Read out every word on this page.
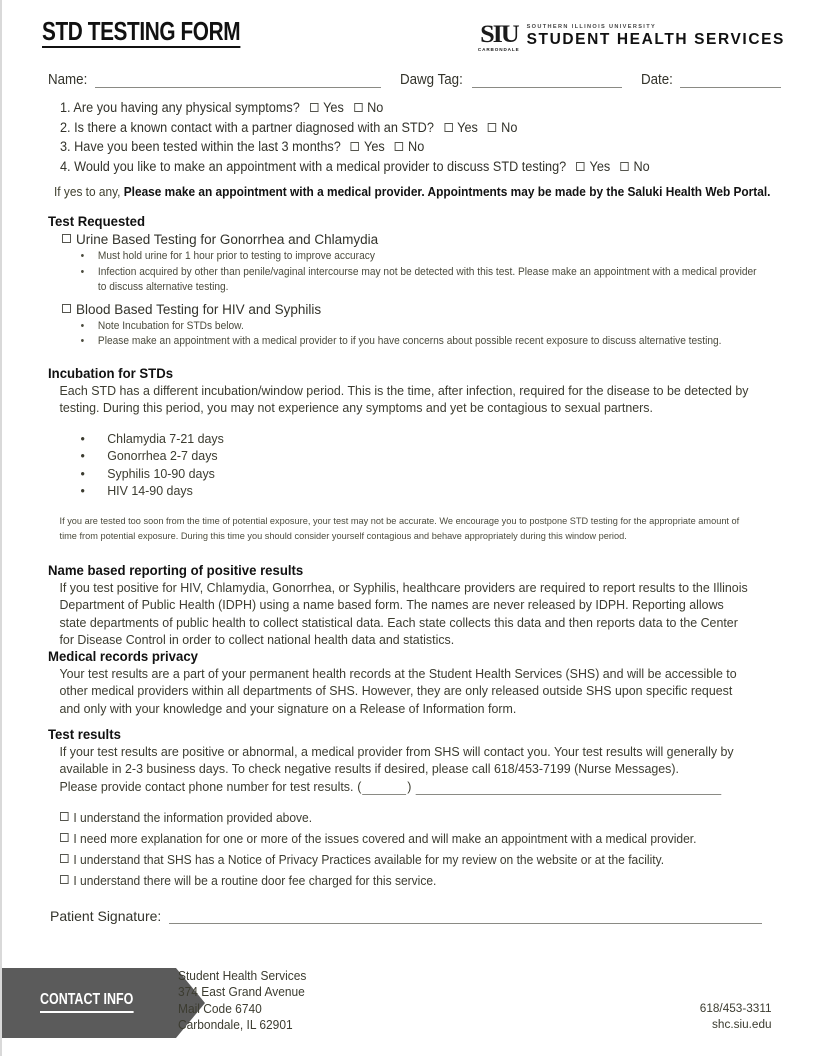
STD TESTING FORM	SIU
CARBONDALE
SOUTHERN ILLINOIS UNIVERSITY
STUDENT HEALTH SERVICES
Name:	Dawg Tag:	Date:
1. Are you having any physical symptoms? Yes No
2. Is there a known contact with a partner diagnosed with an STD? Yes No
3. Have you been tested within the last 3 months? Yes No
4. Would you like to make an appointment with a medical provider to discuss STD testing? Yes No
If yes to any, Please make an appointment with a medical provider. Appointments may be made by the Saluki Health Web Portal.
Test Requested
Urine Based Testing for Gonorrhea and Chlamydia
•	Must hold urine for 1 hour prior to testing to improve accuracy
•	Infection acquired by other than penile/vaginal intercourse may not be detected with this test. Please make an appointment with a medical provider to discuss alternative testing.
Blood Based Testing for HIV and Syphilis
•	Note Incubation for STDs below.
•	Please make an appointment with a medical provider to if you have concerns about possible recent exposure to discuss alternative testing.
Incubation for STDs
Each STD has a different incubation/window period. This is the time, after infection, required for the disease to be detected by testing. During this period, you may not experience any symptoms and yet be contagious to sexual partners.
•	Chlamydia 7-21 days
•	Gonorrhea 2-7 days
•	Syphilis 10-90 days
•	HIV 14-90 days
If you are tested too soon from the time of potential exposure, your test may not be accurate. We encourage you to postpone STD testing for the appropriate amount of time from potential exposure. During this time you should consider yourself contagious and behave appropriately during this window period.
Name based reporting of positive results
If you test positive for HIV, Chlamydia, Gonorrhea, or Syphilis, healthcare providers are required to report results to the Illinois Department of Public Health (IDPH) using a name based form. The names are never released by IDPH. Reporting allows state departments of public health to collect statistical data. Each state collects this data and then reports data to the Center for Disease Control in order to collect national health data and statistics.
Medical records privacy
Your test results are a part of your permanent health records at the Student Health Services (SHS) and will be accessible to other medical providers within all departments of SHS. However, they are only released outside SHS upon specific request and only with your knowledge and your signature on a Release of Information form.
Test results
If your test results are positive or abnormal, a medical provider from SHS will contact you. Your test results will generally by available in 2-3 business days. To check negative results if desired, please call 618/453-7199 (Nurse Messages).
Please provide contact phone number for test results. (	)
I understand the information provided above.
I need more explanation for one or more of the issues covered and will make an appointment with a medical provider.
I understand that SHS has a Notice of Privacy Practices available for my review on the website or at the facility.
I understand there will be a routine door fee charged for this service.
Patient Signature:
CONTACT INFO
Student Health Services
374 East Grand Avenue
Mail Code 6740
Carbondale, IL 62901
618/453-3311
shc.siu.edu
